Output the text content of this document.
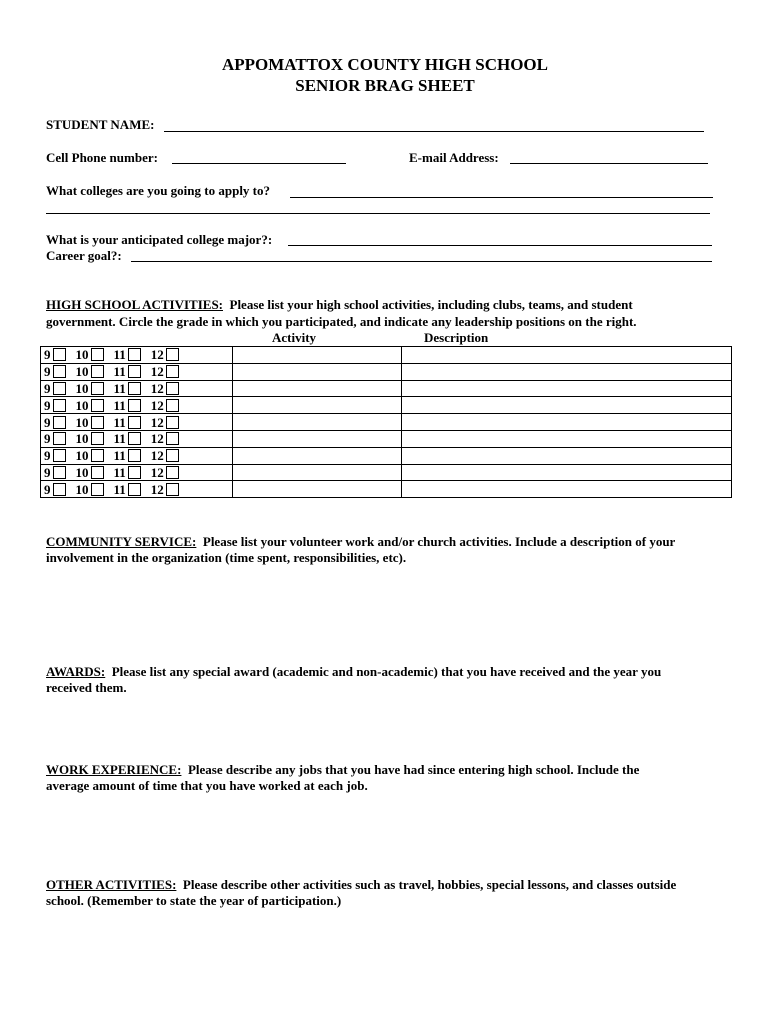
APPOMATTOX COUNTY HIGH SCHOOL
SENIOR BRAG SHEET
STUDENT NAME:
Cell Phone number:	E-mail Address:
What colleges are you going to apply to?
What is your anticipated college major?:
Career goal?:
HIGH SCHOOL ACTIVITIES: Please list your high school activities, including clubs, teams, and student
government. Circle the grade in which you participated, and indicate any leadership positions on the right.
Activity	Description
9 10 11 12		
9 10 11 12		
9 10 11 12		
9 10 11 12		
9 10 11 12		
9 10 11 12		
9 10 11 12		
9 10 11 12		
9 10 11 12		
COMMUNITY SERVICE: Please list your volunteer work and/or church activities. Include a description of your
involvement in the organization (time spent, responsibilities, etc).
AWARDS: Please list any special award (academic and non-academic) that you have received and the year you
received them.
WORK EXPERIENCE: Please describe any jobs that you have had since entering high school. Include the
average amount of time that you have worked at each job.
OTHER ACTIVITIES: Please describe other activities such as travel, hobbies, special lessons, and classes outside
school. (Remember to state the year of participation.)
